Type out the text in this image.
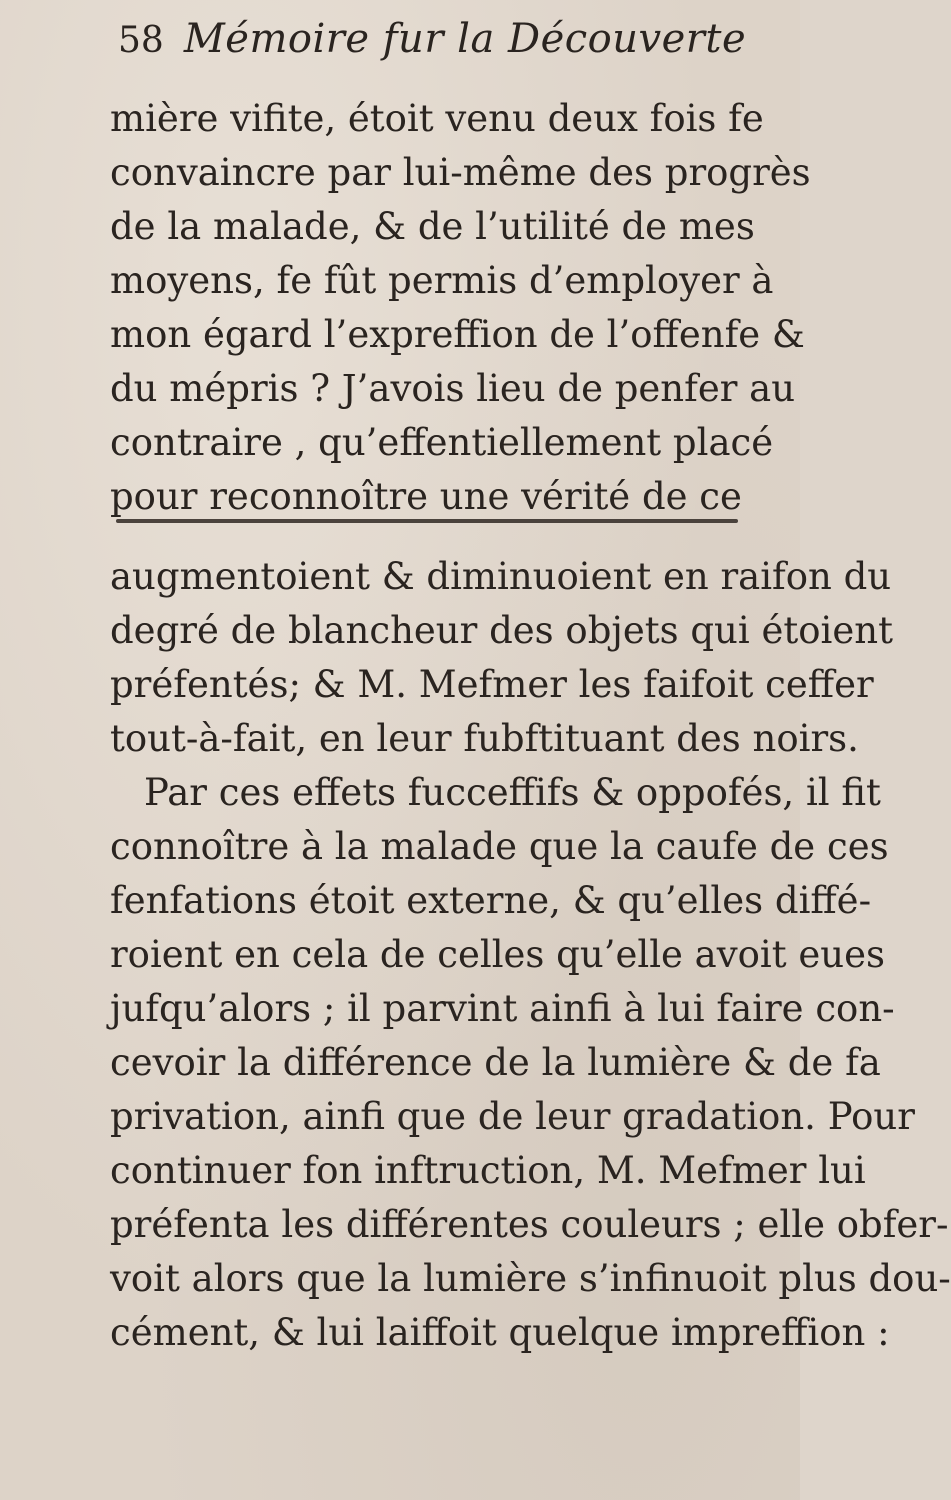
58 Mémoire fur la Découverte
mière vifite, étoit venu deux fois fe
convaincre par lui-même des progrès
de la malade, & de l’utilité de mes
moyens, fe fût permis d’employer à
mon égard l’expreffion de l’offenfe &
du mépris ? J’avois lieu de penfer au
contraire , qu’effentiellement placé
pour reconnoître une vérité de ce
augmentoient & diminuoient en raifon du
degré de blancheur des objets qui étoient
préfentés; & M. Mefmer les faifoit ceffer
tout-à-fait, en leur fubftituant des noirs.
Par ces effets fucceffifs & oppofés, il fit
connoître à la malade que la caufe de ces
fenfations étoit externe, & qu’elles diffé-
roient en cela de celles qu’elle avoit eues
jufqu’alors ; il parvint ainfi à lui faire con-
cevoir la différence de la lumière & de fa
privation, ainfi que de leur gradation. Pour
continuer fon inftruction, M. Mefmer lui
préfenta les différentes couleurs ; elle obfer-
voit alors que la lumière s’infinuoit plus dou-
cément, & lui laiffoit quelque impreffion :
